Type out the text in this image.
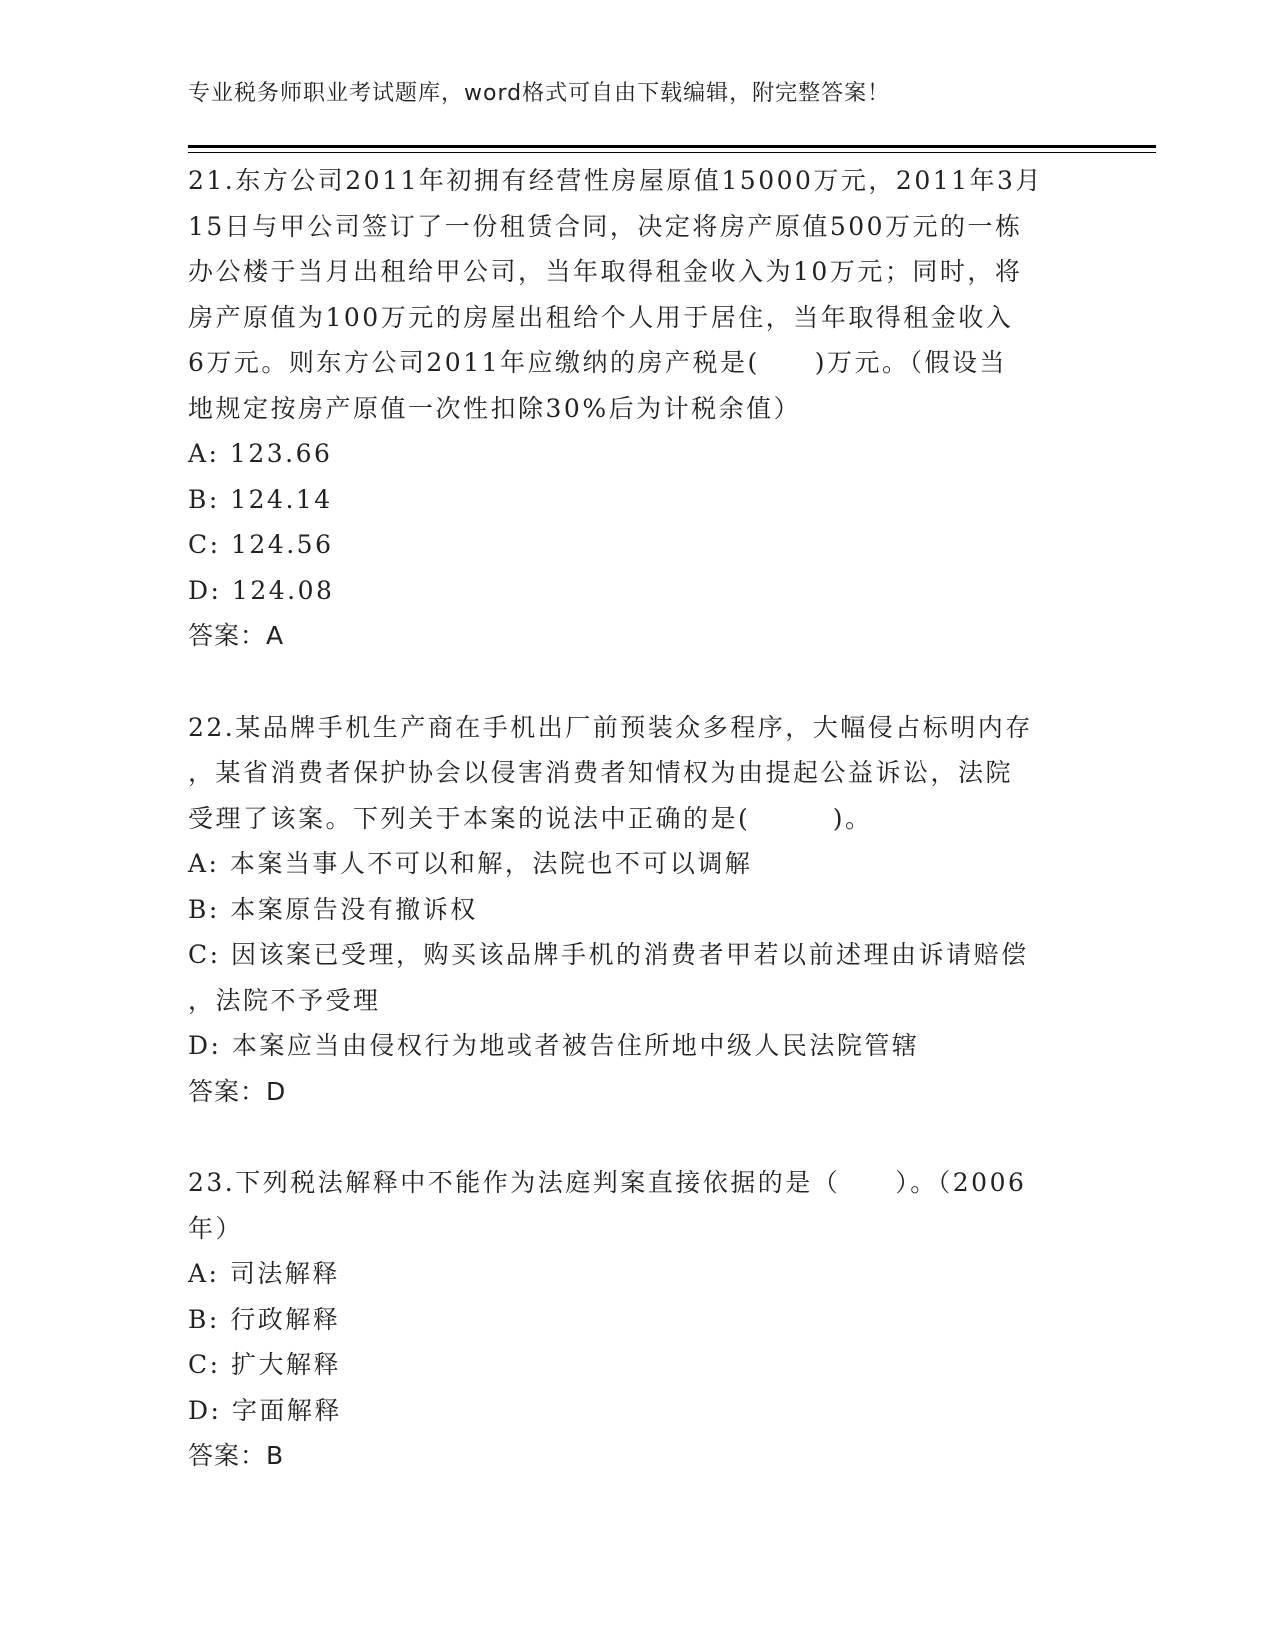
专业税务师职业考试题库，word格式可自由下载编辑，附完整答案！
21.东方公司2011年初拥有经营性房屋原值15000万元，2011年3月
15日与甲公司签订了一份租赁合同，决定将房产原值500万元的一栋
办公楼于当月出租给甲公司，当年取得租金收入为10万元；同时，将
房产原值为100万元的房屋出租给个人用于居住，当年取得租金收入
6万元。则东方公司2011年应缴纳的房产税是(　　)万元。（假设当
地规定按房产原值一次性扣除30%后为计税余值）
A: 123.66
B: 124.14
C: 124.56
D: 124.08
答案：A
22.某品牌手机生产商在手机出厂前预装众多程序，大幅侵占标明内存
，某省消费者保护协会以侵害消费者知情权为由提起公益诉讼，法院
受理了该案。下列关于本案的说法中正确的是(　　　)。
A: 本案当事人不可以和解，法院也不可以调解
B: 本案原告没有撤诉权
C: 因该案已受理，购买该品牌手机的消费者甲若以前述理由诉请赔偿
，法院不予受理
D: 本案应当由侵权行为地或者被告住所地中级人民法院管辖
答案：D
23.下列税法解释中不能作为法庭判案直接依据的是（　　）。（2006
年）
A: 司法解释
B: 行政解释
C: 扩大解释
D: 字面解释
答案：B
